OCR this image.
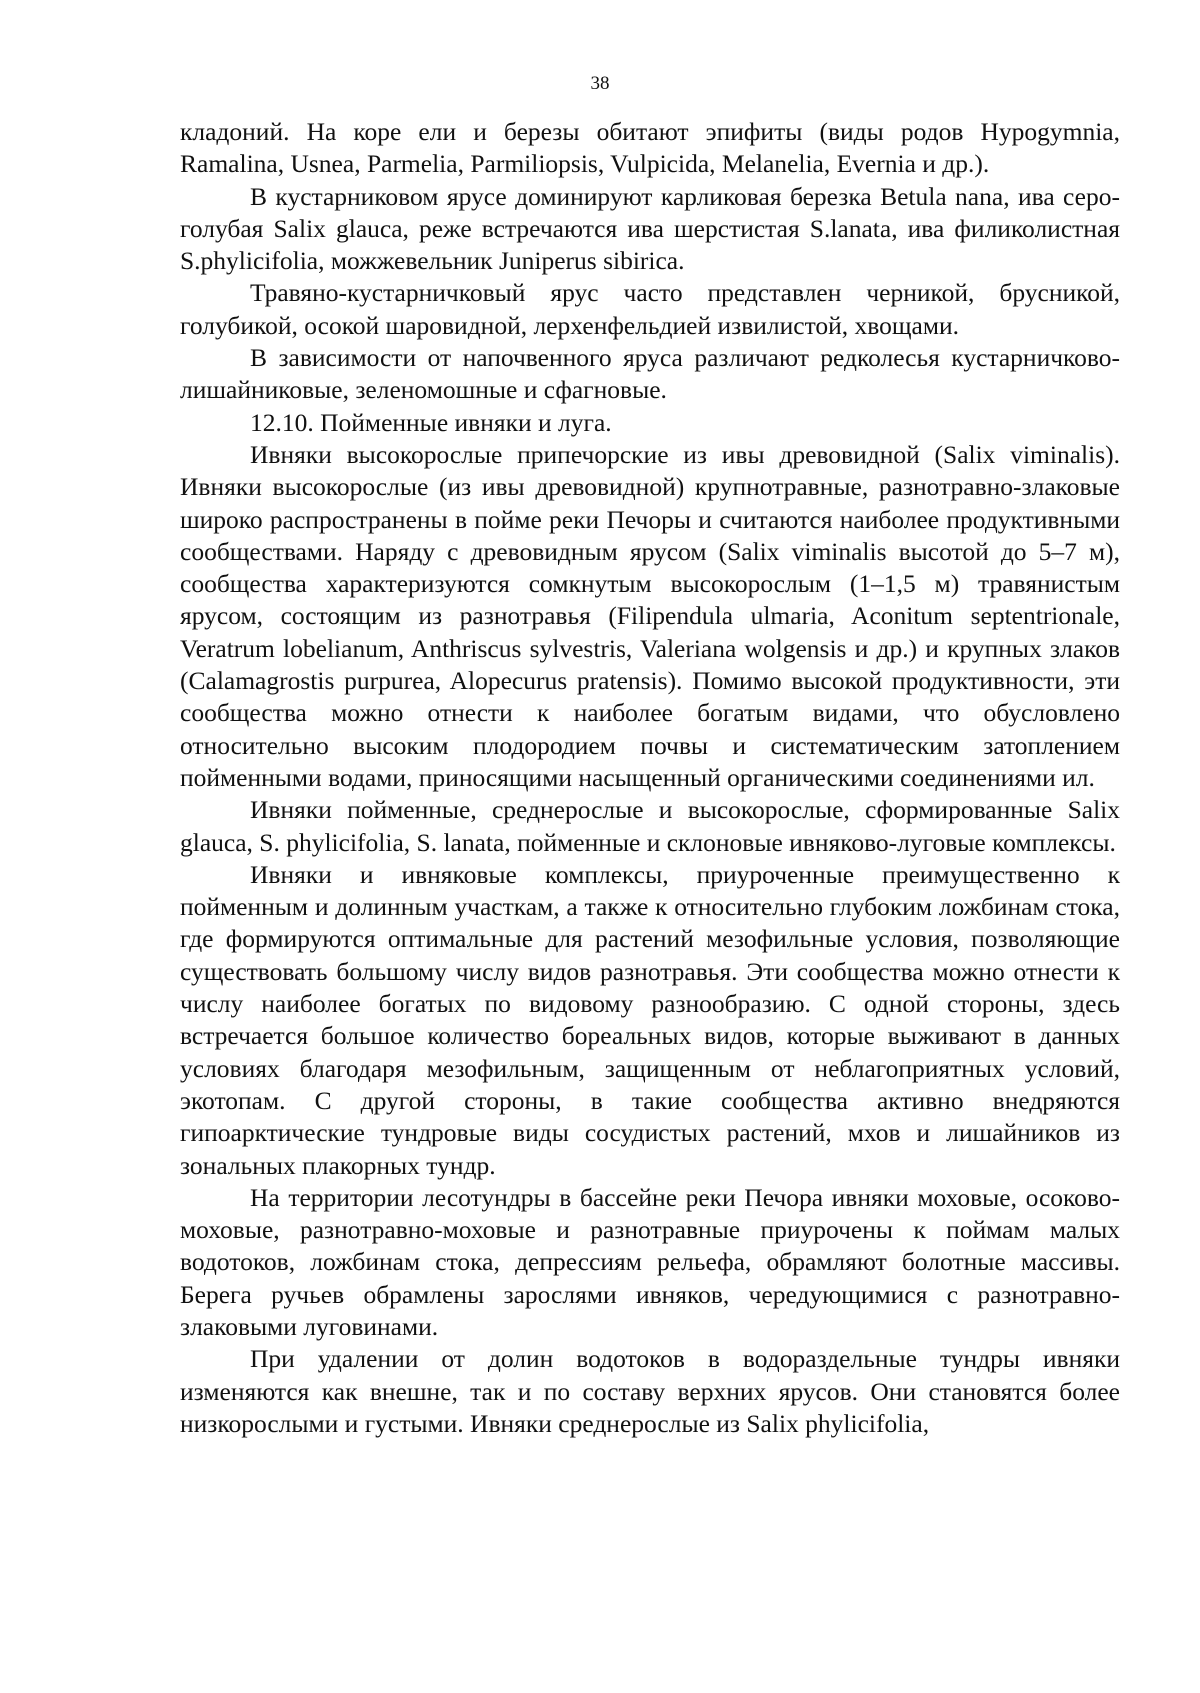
38

кладоний. На коре ели и березы обитают эпифиты (виды родов Hypogymnia, Ramalina, Usnea, Parmelia, Parmiliopsis, Vulpicida, Melanelia, Evernia и др.).

В кустарниковом ярусе доминируют карликовая березка Betula nana, ива серо-голубая Salix glauca, реже встречаются ива шерстистая S.lanata, ива филиколистная S.phylicifolia, можжевельник Juniperus sibirica.

Травяно-кустарничковый ярус часто представлен черникой, брусникой, голубикой, осокой шаровидной, лерхенфельдией извилистой, хвощами.

В зависимости от напочвенного яруса различают редколесья кустарничково-лишайниковые, зеленомошные и сфагновые.

12.10. Пойменные ивняки и луга.

Ивняки высокорослые припечорские из ивы древовидной (Salix viminalis). Ивняки высокорослые (из ивы древовидной) крупнотравные, разнотравно-злаковые широко распространены в пойме реки Печоры и считаются наиболее продуктивными сообществами. Наряду с древовидным ярусом (Salix viminalis высотой до 5–7 м), сообщества характеризуются сомкнутым высокорослым (1–1,5 м) травянистым ярусом, состоящим из разнотравья (Filipendula ulmaria, Aconitum septentrionale, Veratrum lobelianum, Anthriscus sylvestris, Valeriana wolgensis и др.) и крупных злаков (Calamagrostis purpurea, Alopecurus pratensis). Помимо высокой продуктивности, эти сообщества можно отнести к наиболее богатым видами, что обусловлено относительно высоким плодородием почвы и систематическим затоплением пойменными водами, приносящими насыщенный органическими соединениями ил.

Ивняки пойменные, среднерослые и высокорослые, сформированные Salix glauca, S. phylicifolia, S. lanata, пойменные и склоновые ивняково-луговые комплексы.

Ивняки и ивняковые комплексы, приуроченные преимущественно к пойменным и долинным участкам, а также к относительно глубоким ложбинам стока, где формируются оптимальные для растений мезофильные условия, позволяющие существовать большому числу видов разнотравья. Эти сообщества можно отнести к числу наиболее богатых по видовому разнообразию. С одной стороны, здесь встречается большое количество бореальных видов, которые выживают в данных условиях благодаря мезофильным, защищенным от неблагоприятных условий, экотопам. С другой стороны, в такие сообщества активно внедряются гипоарктические тундровые виды сосудистых растений, мхов и лишайников из зональных плакорных тундр.

На территории лесотундры в бассейне реки Печора ивняки моховые, осоково-моховые, разнотравно-моховые и разнотравные приурочены к поймам малых водотоков, ложбинам стока, депрессиям рельефа, обрамляют болотные массивы. Берега ручьев обрамлены зарослями ивняков, чередующимися с разнотравно-злаковыми луговинами.

При удалении от долин водотоков в водораздельные тундры ивняки изменяются как внешне, так и по составу верхних ярусов. Они становятся более низкорослыми и густыми. Ивняки среднерослые из Salix phylicifolia,
